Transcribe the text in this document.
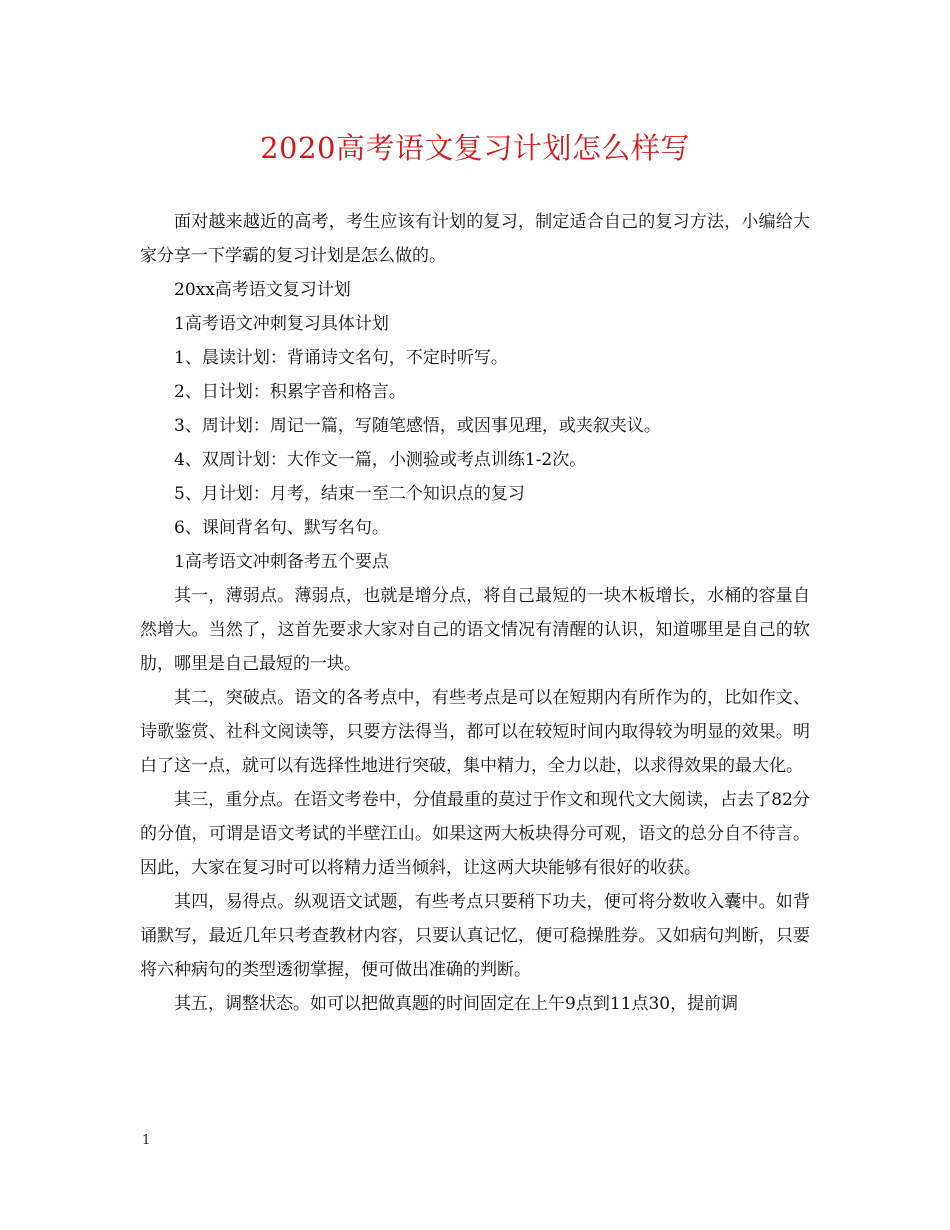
2020高考语文复习计划怎么样写

面对越来越近的高考，考生应该有计划的复习，制定适合自己的复习方法，小编给大家分享一下学霸的复习计划是怎么做的。

20xx高考语文复习计划

1高考语文冲刺复习具体计划

1、晨读计划：背诵诗文名句，不定时听写。

2、日计划：积累字音和格言。

3、周计划：周记一篇，写随笔感悟，或因事见理，或夹叙夹议。

4、双周计划：大作文一篇，小测验或考点训练1-2次。

5、月计划：月考，结束一至二个知识点的复习

6、课间背名句、默写名句。

1高考语文冲刺备考五个要点

其一，薄弱点。薄弱点，也就是增分点，将自己最短的一块木板增长，水桶的容量自然增大。当然了，这首先要求大家对自己的语文情况有清醒的认识，知道哪里是自己的软肋，哪里是自己最短的一块。

其二，突破点。语文的各考点中，有些考点是可以在短期内有所作为的，比如作文、诗歌鉴赏、社科文阅读等，只要方法得当，都可以在较短时间内取得较为明显的效果。明白了这一点，就可以有选择性地进行突破，集中精力，全力以赴，以求得效果的最大化。

其三，重分点。在语文考卷中，分值最重的莫过于作文和现代文大阅读，占去了82分的分值，可谓是语文考试的半壁江山。如果这两大板块得分可观，语文的总分自不待言。因此，大家在复习时可以将精力适当倾斜，让这两大块能够有很好的收获。

其四，易得点。纵观语文试题，有些考点只要稍下功夫，便可将分数收入囊中。如背诵默写，最近几年只考查教材内容，只要认真记忆，便可稳操胜券。又如病句判断，只要将六种病句的类型透彻掌握，便可做出准确的判断。

其五，调整状态。如可以把做真题的时间固定在上午9点到11点30，提前调

1
